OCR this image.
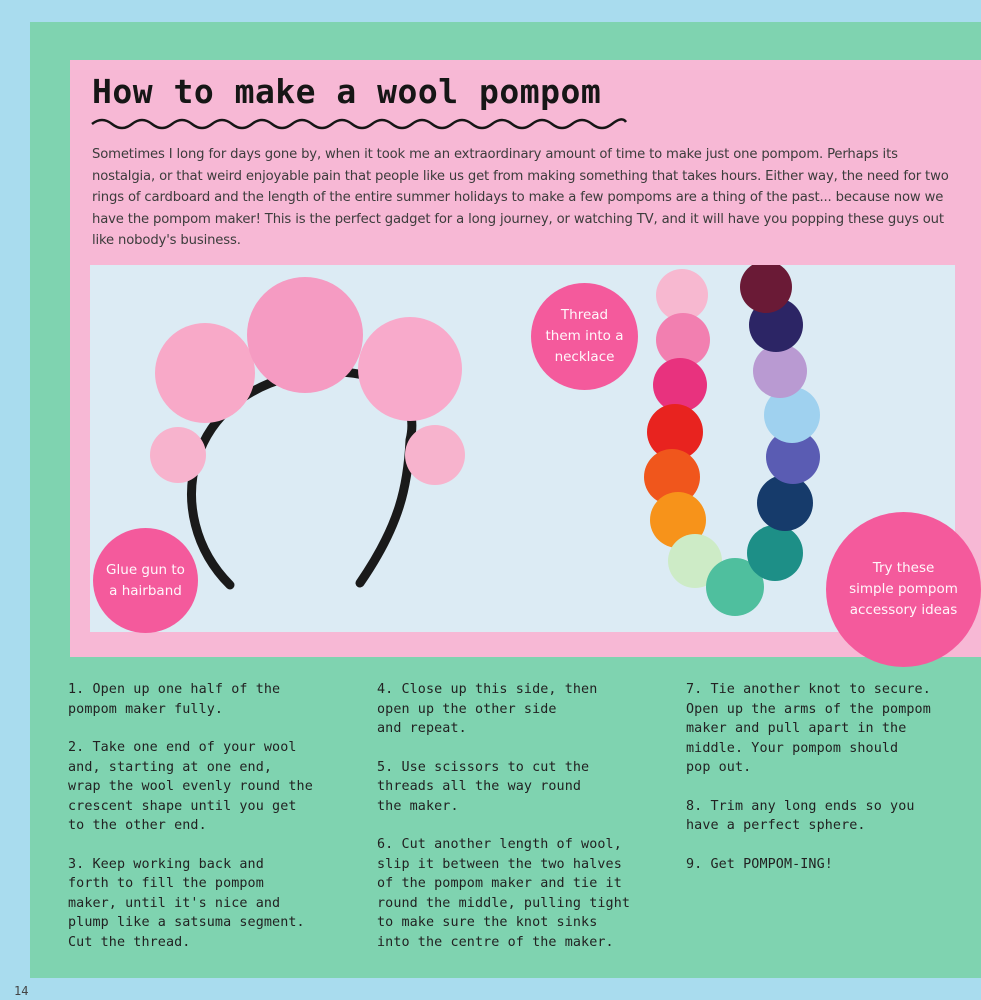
How to make a wool pompom

Sometimes I long for days gone by, when it took me an extraordinary amount of time to make just one pompom. Perhaps its nostalgia, or that weird enjoyable pain that people like us get from making something that takes hours. Either way, the need for two rings of cardboard and the length of the entire summer holidays to make a few pompoms are a thing of the past... because now we have the pompom maker! This is the perfect gadget for a long journey, or watching TV, and it will have you popping these guys out like nobody's business.

Glue gun to
a hairband
Thread
them into a
necklace
Try these
simple pompom
accessory ideas

1. Open up one half of the
pompom maker fully.

2. Take one end of your wool
and, starting at one end,
wrap the wool evenly round the
crescent shape until you get
to the other end.

3. Keep working back and
forth to fill the pompom
maker, until it's nice and
plump like a satsuma segment.
Cut the thread.

4. Close up this side, then
open up the other side
and repeat.

5. Use scissors to cut the
threads all the way round
the maker.

6. Cut another length of wool,
slip it between the two halves
of the pompom maker and tie it
round the middle, pulling tight
to make sure the knot sinks
into the centre of the maker.

7. Tie another knot to secure.
Open up the arms of the pompom
maker and pull apart in the
middle. Your pompom should
pop out.

8. Trim any long ends so you
have a perfect sphere.

9. Get POMPOM-ING!

14
